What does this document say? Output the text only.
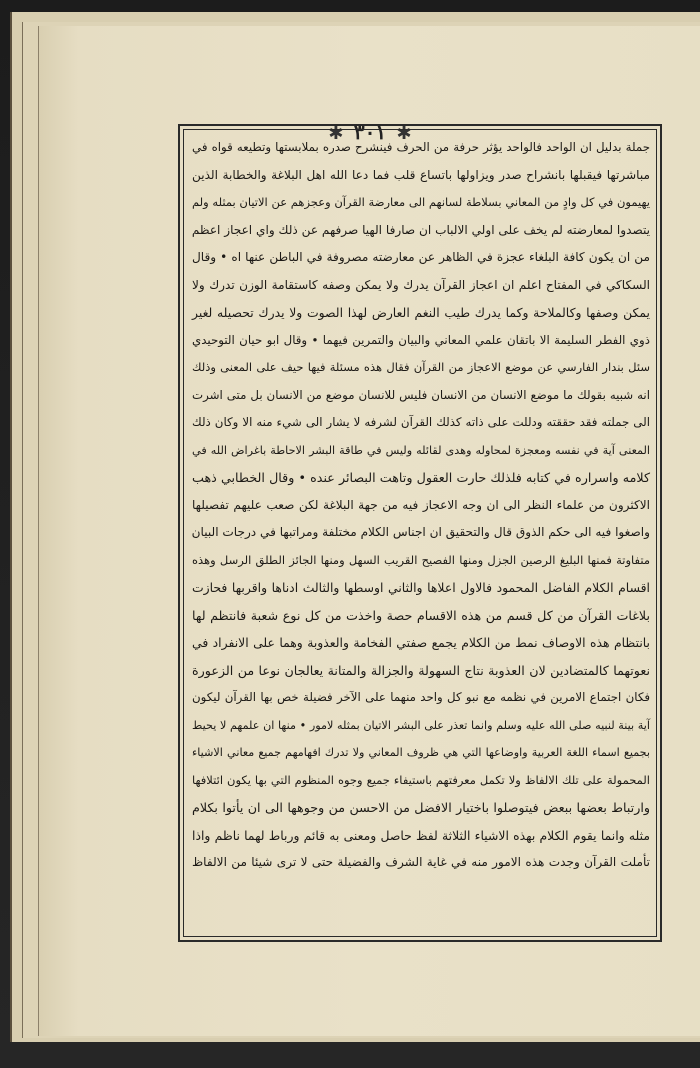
✱ ٣٠١ ✱
جملة بدليل ان الواحد فالواحد يؤثر حرفة من الحرف فينشرح صدره بملابستها وتطيعه قواه في
مباشرتها فيقبلها بانشراح صدر ويزاولها باتساع قلب فما دعا الله اهل البلاغة والخطابة الذين
يهيمون في كل وادٍ من المعاني بسلاطة لسانهم الى معارضة القرآن وعجزهم عن الاتيان بمثله ولم
يتصدوا لمعارضته لم يخف على اولي الالباب ان صارفا الهيا صرفهم عن ذلك واي اعجاز اعظم
من ان يكون كافة البلغاء عجزة في الظاهر عن معارضته مصروفة في الباطن عنها اه • وقال
السكاكي في المفتاح اعلم ان اعجاز القرآن يدرك ولا يمكن وصفه كاستقامة الوزن تدرك ولا
يمكن وصفها وكالملاحة وكما يدرك طيب النغم العارض لهذا الصوت ولا يدرك تحصيله لغير
ذوي الفطر السليمة الا باتقان علمي المعاني والبيان والتمرين فيهما • وقال ابو حيان التوحيدي
سئل بندار الفارسي عن موضع الاعجاز من القرآن فقال هذه مسئلة فيها حيف على المعنى وذلك
انه شبيه بقولك ما موضع الانسان من الانسان فليس للانسان موضع من الانسان بل متى اشرت
الى جملته فقد حققته ودللت على ذاته كذلك القرآن لشرفه لا يشار الى شيء منه الا وكان ذلك
المعنى آية في نفسه ومعجزة لمحاوله وهدى لقائله وليس في طاقة البشر الاحاطة باغراض الله في
كلامه واسراره في كتابه فلذلك حارت العقول وتاهت البصائر عنده • وقال الخطابي ذهب
الاكثرون من علماء النظر الى ان وجه الاعجاز فيه من جهة البلاغة لكن صعب عليهم تفصيلها
واصغوا فيه الى حكم الذوق قال والتحقيق ان اجناس الكلام مختلفة ومراتبها في درجات البيان
متفاوتة فمنها البليغ الرصين الجزل ومنها الفصيح القريب السهل ومنها الجائز الطلق الرسل وهذه
اقسام الكلام الفاضل المحمود فالاول اعلاها والثاني اوسطها والثالث ادناها واقربها فحازت
بلاغات القرآن من كل قسم من هذه الاقسام حصة واخذت من كل نوع شعبة فانتظم لها
بانتظام هذه الاوصاف نمط من الكلام يجمع صفتي الفخامة والعذوبة وهما على الانفراد في
نعوتهما كالمتضادين لان العذوبة نتاج السهولة والجزالة والمتانة يعالجان نوعا من الزعورة
فكان اجتماع الامرين في نظمه مع نبو كل واحد منهما على الآخر فضيلة خص بها القرآن ليكون
آية بينة لنبيه صلى الله عليه وسلم وانما تعذر على البشر الاتيان بمثله لامور • منها ان علمهم لا يحيط
بجميع اسماء اللغة العربية واوضاعها التي هي ظروف المعاني ولا تدرك افهامهم جميع معاني الاشياء
المحمولة على تلك الالفاظ ولا تكمل معرفتهم باستيفاء جميع وجوه المنظوم التي بها يكون ائتلافها
وارتباط بعضها ببعض فيتوصلوا باختيار الافضل من الاحسن من وجوهها الى ان يأتوا بكلام
مثله وانما يقوم الكلام بهذه الاشياء الثلاثة لفظ حاصل ومعنى به قائم ورباط لهما ناظم واذا
تأملت القرآن وجدت هذه الامور منه في غاية الشرف والفضيلة حتى لا ترى شيئا من الالفاظ
